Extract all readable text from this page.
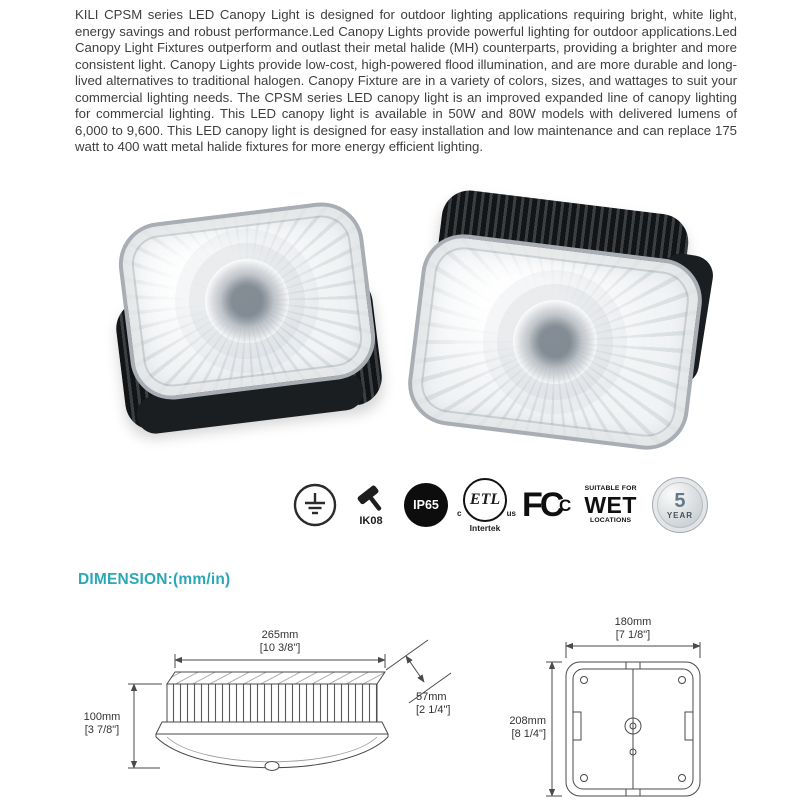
KILI CPSM series LED Canopy Light is designed for outdoor lighting applications requiring bright, white light, energy savings and robust performance.Led Canopy Lights provide powerful lighting for outdoor applications.Led Canopy Light Fixtures outperform and outlast their metal halide (MH) counterparts, providing a brighter and more consistent light. Canopy Lights provide low-cost, high-powered flood illumination, and are more durable and long-lived alternatives to traditional halogen. Canopy Fixture are in a variety of colors, sizes, and wattages to suit your commercial lighting needs. The CPSM series LED canopy light is an improved expanded line of canopy lighting for commercial lighting. This LED canopy light is available in 50W and 80W models with delivered lumens of 6,000 to 9,600. This LED canopy light is designed for easy installation and low maintenance and can replace 175 watt to 400 watt metal halide fixtures for more energy efficient lighting.

IK08
IP65 ETL
c	us
Intertek
FC
C
SUITABLE FOR
WET
LOCATIONS
5
YEAR
DIMENSION:(mm/in)
265mm
[10 3/8"]
100mm
[3 7/8"]
57mm
[2 1/4"]
180mm
[7 1/8"]
208mm
[8 1/4"]
